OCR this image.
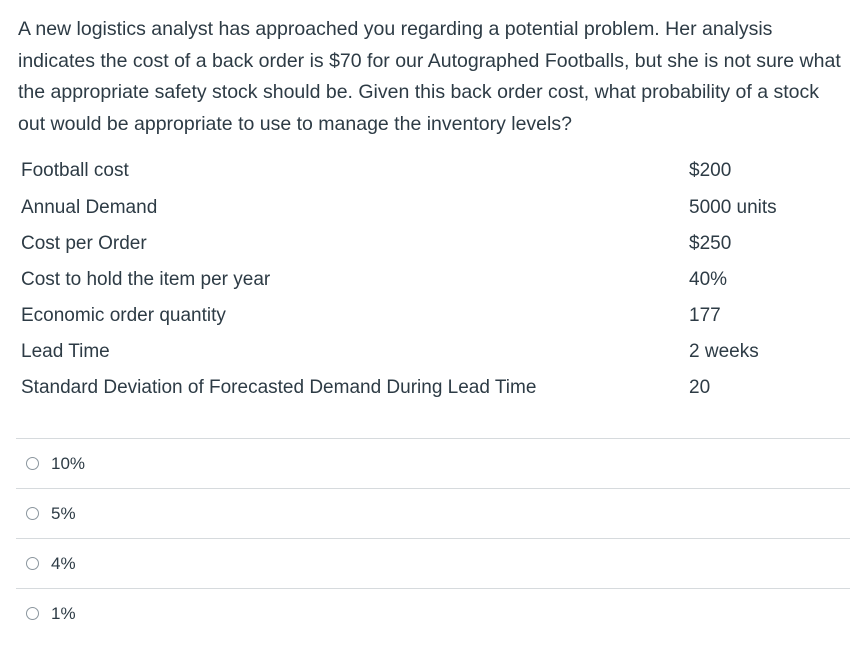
A new logistics analyst has approached you regarding a potential problem. Her analysis indicates the cost of a back order is $70 for our Autographed Footballs, but she is not sure what the appropriate safety stock should be. Given this back order cost, what probability of a stock out would be appropriate to use to manage the inventory levels?
Football cost	$200
Annual Demand	5000 units
Cost per Order	$250
Cost to hold the item per year	40%
Economic order quantity	177
Lead Time	2 weeks
Standard Deviation of Forecasted Demand During Lead Time	20
10%
5%
4%
1%
